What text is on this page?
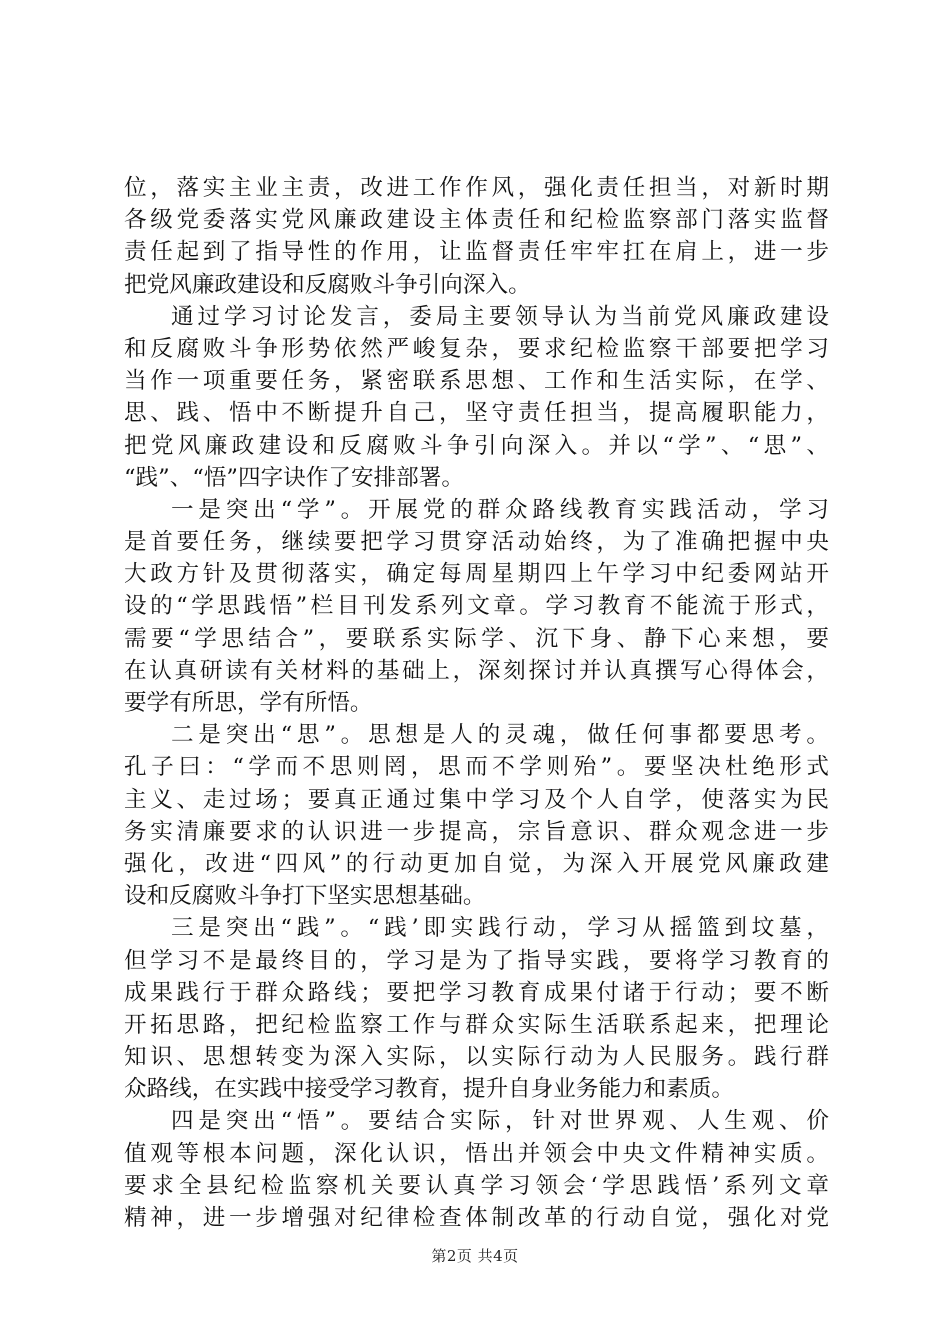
位，落实主业主责，改进工作作风，强化责任担当，对新时期
各级党委落实党风廉政建设主体责任和纪检监察部门落实监督
责任起到了指导性的作用，让监督责任牢牢扛在肩上，进一步
把党风廉政建设和反腐败斗争引向深入。
通过学习讨论发言，委局主要领导认为当前党风廉政建设
和反腐败斗争形势依然严峻复杂，要求纪检监察干部要把学习
当作一项重要任务，紧密联系思想、工作和生活实际，在学、
思、践、悟中不断提升自己，坚守责任担当，提高履职能力，
把党风廉政建设和反腐败斗争引向深入。并以“学”、“思”、
“践”、“悟”四字诀作了安排部署。
一是突出“学”。开展党的群众路线教育实践活动，学习
是首要任务，继续要把学习贯穿活动始终，为了准确把握中央
大政方针及贯彻落实，确定每周星期四上午学习中纪委网站开
设的“学思践悟”栏目刊发系列文章。学习教育不能流于形式，
需要“学思结合”，要联系实际学、沉下身、静下心来想，要
在认真研读有关材料的基础上，深刻探讨并认真撰写心得体会，
要学有所思，学有所悟。
二是突出“思”。思想是人的灵魂，做任何事都要思考。
孔子曰：“学而不思则罔，思而不学则殆”。要坚决杜绝形式
主义、走过场；要真正通过集中学习及个人自学，使落实为民
务实清廉要求的认识进一步提高，宗旨意识、群众观念进一步
强化，改进“四风”的行动更加自觉，为深入开展党风廉政建
设和反腐败斗争打下坚实思想基础。
三是突出“践”。“践’即实践行动，学习从摇篮到坟墓，
但学习不是最终目的，学习是为了指导实践，要将学习教育的
成果践行于群众路线；要把学习教育成果付诸于行动；要不断
开拓思路，把纪检监察工作与群众实际生活联系起来，把理论
知识、思想转变为深入实际，以实际行动为人民服务。践行群
众路线，在实践中接受学习教育，提升自身业务能力和素质。
四是突出“悟”。要结合实际，针对世界观、人生观、价
值观等根本问题，深化认识，悟出并领会中央文件精神实质。
要求全县纪检监察机关要认真学习领会‘学思践悟’系列文章
精神，进一步增强对纪律检查体制改革的行动自觉，强化对党
第2页 共4页
